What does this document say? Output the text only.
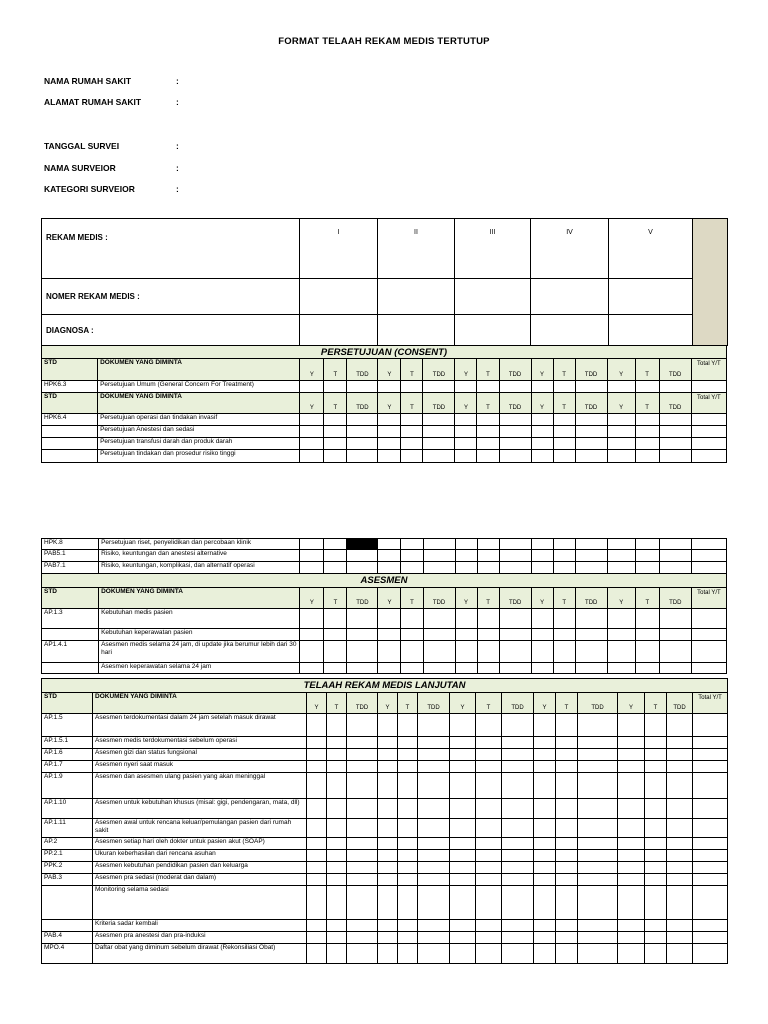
FORMAT TELAAH REKAM MEDIS TERTUTUP
NAMA RUMAH SAKIT	:
ALAMAT RUMAH SAKIT	:
TANGGAL SURVEI	:
NAMA SURVEIOR	:
KATEGORI SURVEIOR	:
REKAM MEDIS :	I	II	III	IV	V	
NOMER REKAM MEDIS :						
DIAGNOSA :						
PERSETUJUAN (CONSENT)																	
STD	DOKUMEN YANG DIMINTA	Y	T	TDD	Y	T	TDD	Y	T	TDD	Y	T	TDD	Y	T	TDD	Total Y/T
HPK6.3	Persetujuan Umum (General Concern For Treatment)																
STD	DOKUMEN YANG DIMINTA	Y	T	TDD	Y	T	TDD	Y	T	TDD	Y	T	TDD	Y	T	TDD	Total Y/T
HPK6.4	Persetujuan operasi dan tindakan invasif																
	Persetujuan Anestesi dan sedasi																
	Persetujuan transfusi darah dan produk darah																
	Persetujuan tindakan dan prosedur risiko tinggi																
HPK.8	Persetujuan riset, penyelidikan dan percobaan klinik																
PAB5.1	Risiko, keuntungan dan anestesi alternative																
PAB7.1	Risiko, keuntungan, komplikasi, dan alternatif operasi																
ASESMEN																	
STD	DOKUMEN YANG DIMINTA	Y	T	TDD	Y	T	TDD	Y	T	TDD	Y	T	TDD	Y	T	TDD	Total Y/T
AP.1.3	Kebutuhan medis pasien																
	Kebutuhan keperawatan pasien																
AP1.4.1	Asesmen medis selama 24 jam, di update jika berumur lebih dari 30 hari																
	Asesmen keperawatan selama 24 jam																
TELAAH REKAM MEDIS LANJUTAN																	
STD	DOKUMEN YANG DIMINTA	Y	T	TDD	Y	T	TDD	Y	T	TDD	Y	T	TDD	Y	T	TDD	Total Y/T
AP.1.5	Asesmen terdokumentasi dalam 24 jam setelah masuk dirawat																
AP.1.5.1	Asesmen medis terdokumentasi sebelum operasi																
AP.1.6	Asesmen gizi dan status fungsional																
AP.1.7	Asesmen nyeri saat masuk																
AP.1.9	Asesmen dan asesmen ulang pasien yang akan meninggal																
AP.1.10	Asesmen untuk kebutuhan khusus (misal: gigi, pendengaran, mata, dll)																
AP.1.11	Asesmen awal untuk rencana keluar/pemulangan pasien dari rumah sakit																
AP.2	Asesmen setiap hari oleh dokter untuk pasien akut (SOAP)																
PP.2.1	Ukuran keberhasilan dari rencana asuhan																
PPK.2	Asesmen kebutuhan pendidikan pasien dan keluarga																
PAB.3	Asesmen pra sedasi (moderat dan dalam)																
	Monitoring selama sedasi																
	Kriteria sadar kembali																
PAB.4	Asesmen pra anestesi dan pra-induksi																
MPO.4	Daftar obat yang diminum sebelum dirawat (Rekonsiliasi Obat)																
